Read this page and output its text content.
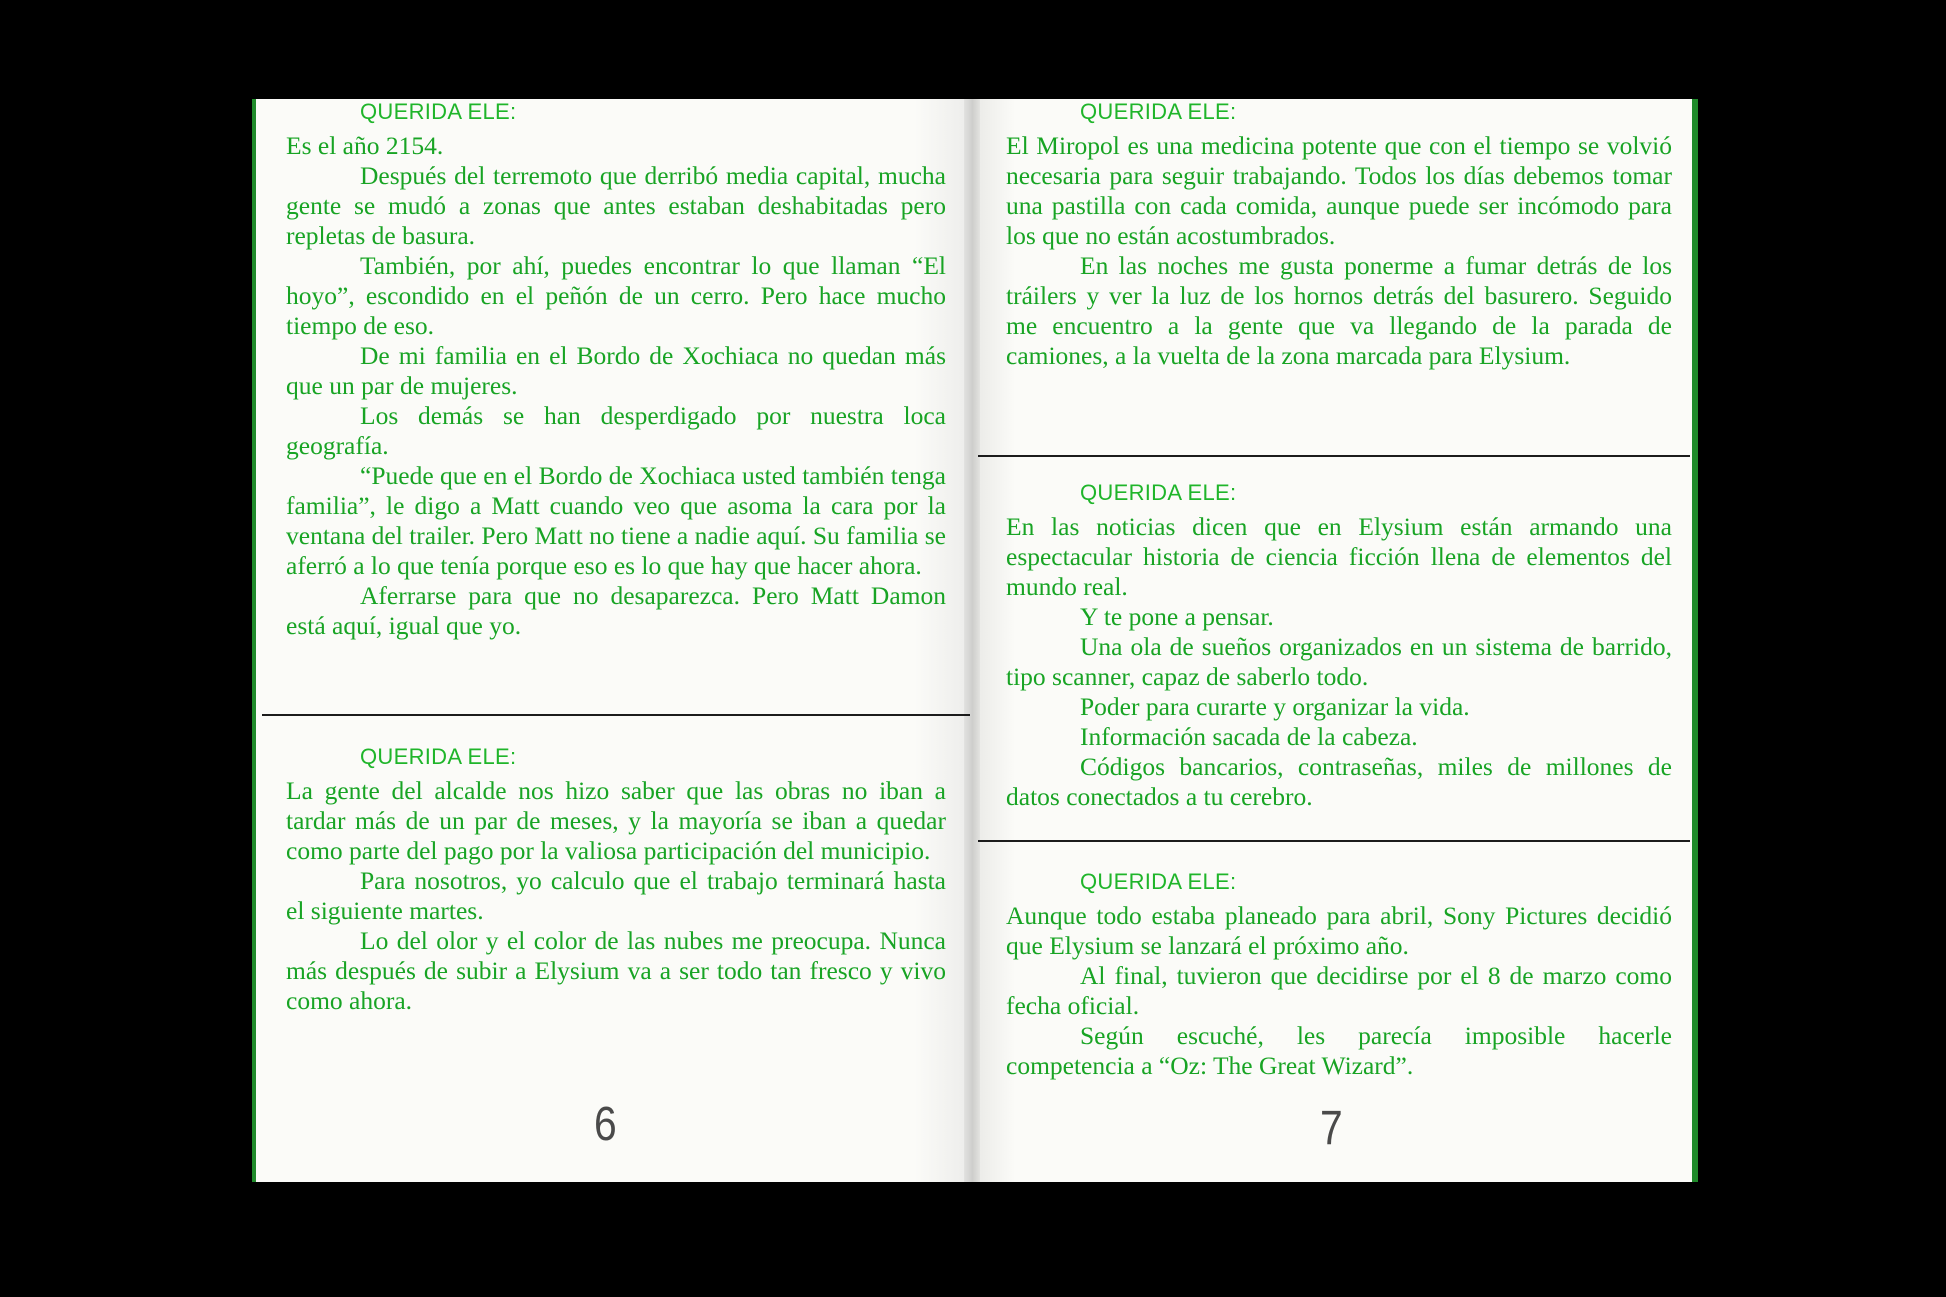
QUERIDA ELE:

Es el año 2154.

Después del terremoto que derribó media capital, mucha gente se mudó a zonas que antes estaban deshabitadas pero repletas de basura.

También, por ahí, puedes encontrar lo que llaman “El hoyo”, escondido en el peñón de un cerro. Pero hace mucho tiempo de eso.

De mi familia en el Bordo de Xochiaca no quedan más que un par de mujeres.

Los demás se han desperdigado por nuestra loca geografía.

“Puede que en el Bordo de Xochiaca usted también tenga familia”, le digo a Matt cuando veo que asoma la cara por la ventana del trailer. Pero Matt no tiene a nadie aquí. Su familia se aferró a lo que tenía porque eso es lo que hay que hacer ahora.

Aferrarse para que no desaparezca. Pero Matt Damon está aquí, igual que yo.

QUERIDA ELE:

La gente del alcalde nos hizo saber que las obras no iban a tardar más de un par de meses, y la mayoría se iban a quedar como parte del pago por la valiosa participación del municipio.

Para nosotros, yo calculo que el trabajo terminará hasta el siguiente martes.

Lo del olor y el color de las nubes me preocupa. Nunca más después de subir a Elysium va a ser todo tan fresco y vivo como ahora.

6
QUERIDA ELE:

El Miropol es una medicina potente que con el tiempo se volvió necesaria para seguir trabajando. Todos los días debemos tomar una pastilla con cada comida, aunque puede ser incómodo para los que no están acostumbrados.

En las noches me gusta ponerme a fumar detrás de los tráilers y ver la luz de los hornos detrás del basurero. Seguido me encuentro a la gente que va llegando de la parada de camiones, a la vuelta de la zona marcada para Elysium.

QUERIDA ELE:

En las noticias dicen que en Elysium están armando una espectacular historia de ciencia ficción llena de elementos del mundo real.

Y te pone a pensar.

Una ola de sueños organizados en un sistema de barrido, tipo scanner, capaz de saberlo todo.

Poder para curarte y organizar la vida.

Información sacada de la cabeza.

Códigos bancarios, contraseñas, miles de millones de datos conectados a tu cerebro.

QUERIDA ELE:

Aunque todo estaba planeado para abril, Sony Pictures decidió que Elysium se lanzará el próximo año.

Al final, tuvieron que decidirse por el 8 de marzo como fecha oficial.

Según escuché, les parecía imposible hacerle competencia a “Oz: The Great Wizard”.

7
